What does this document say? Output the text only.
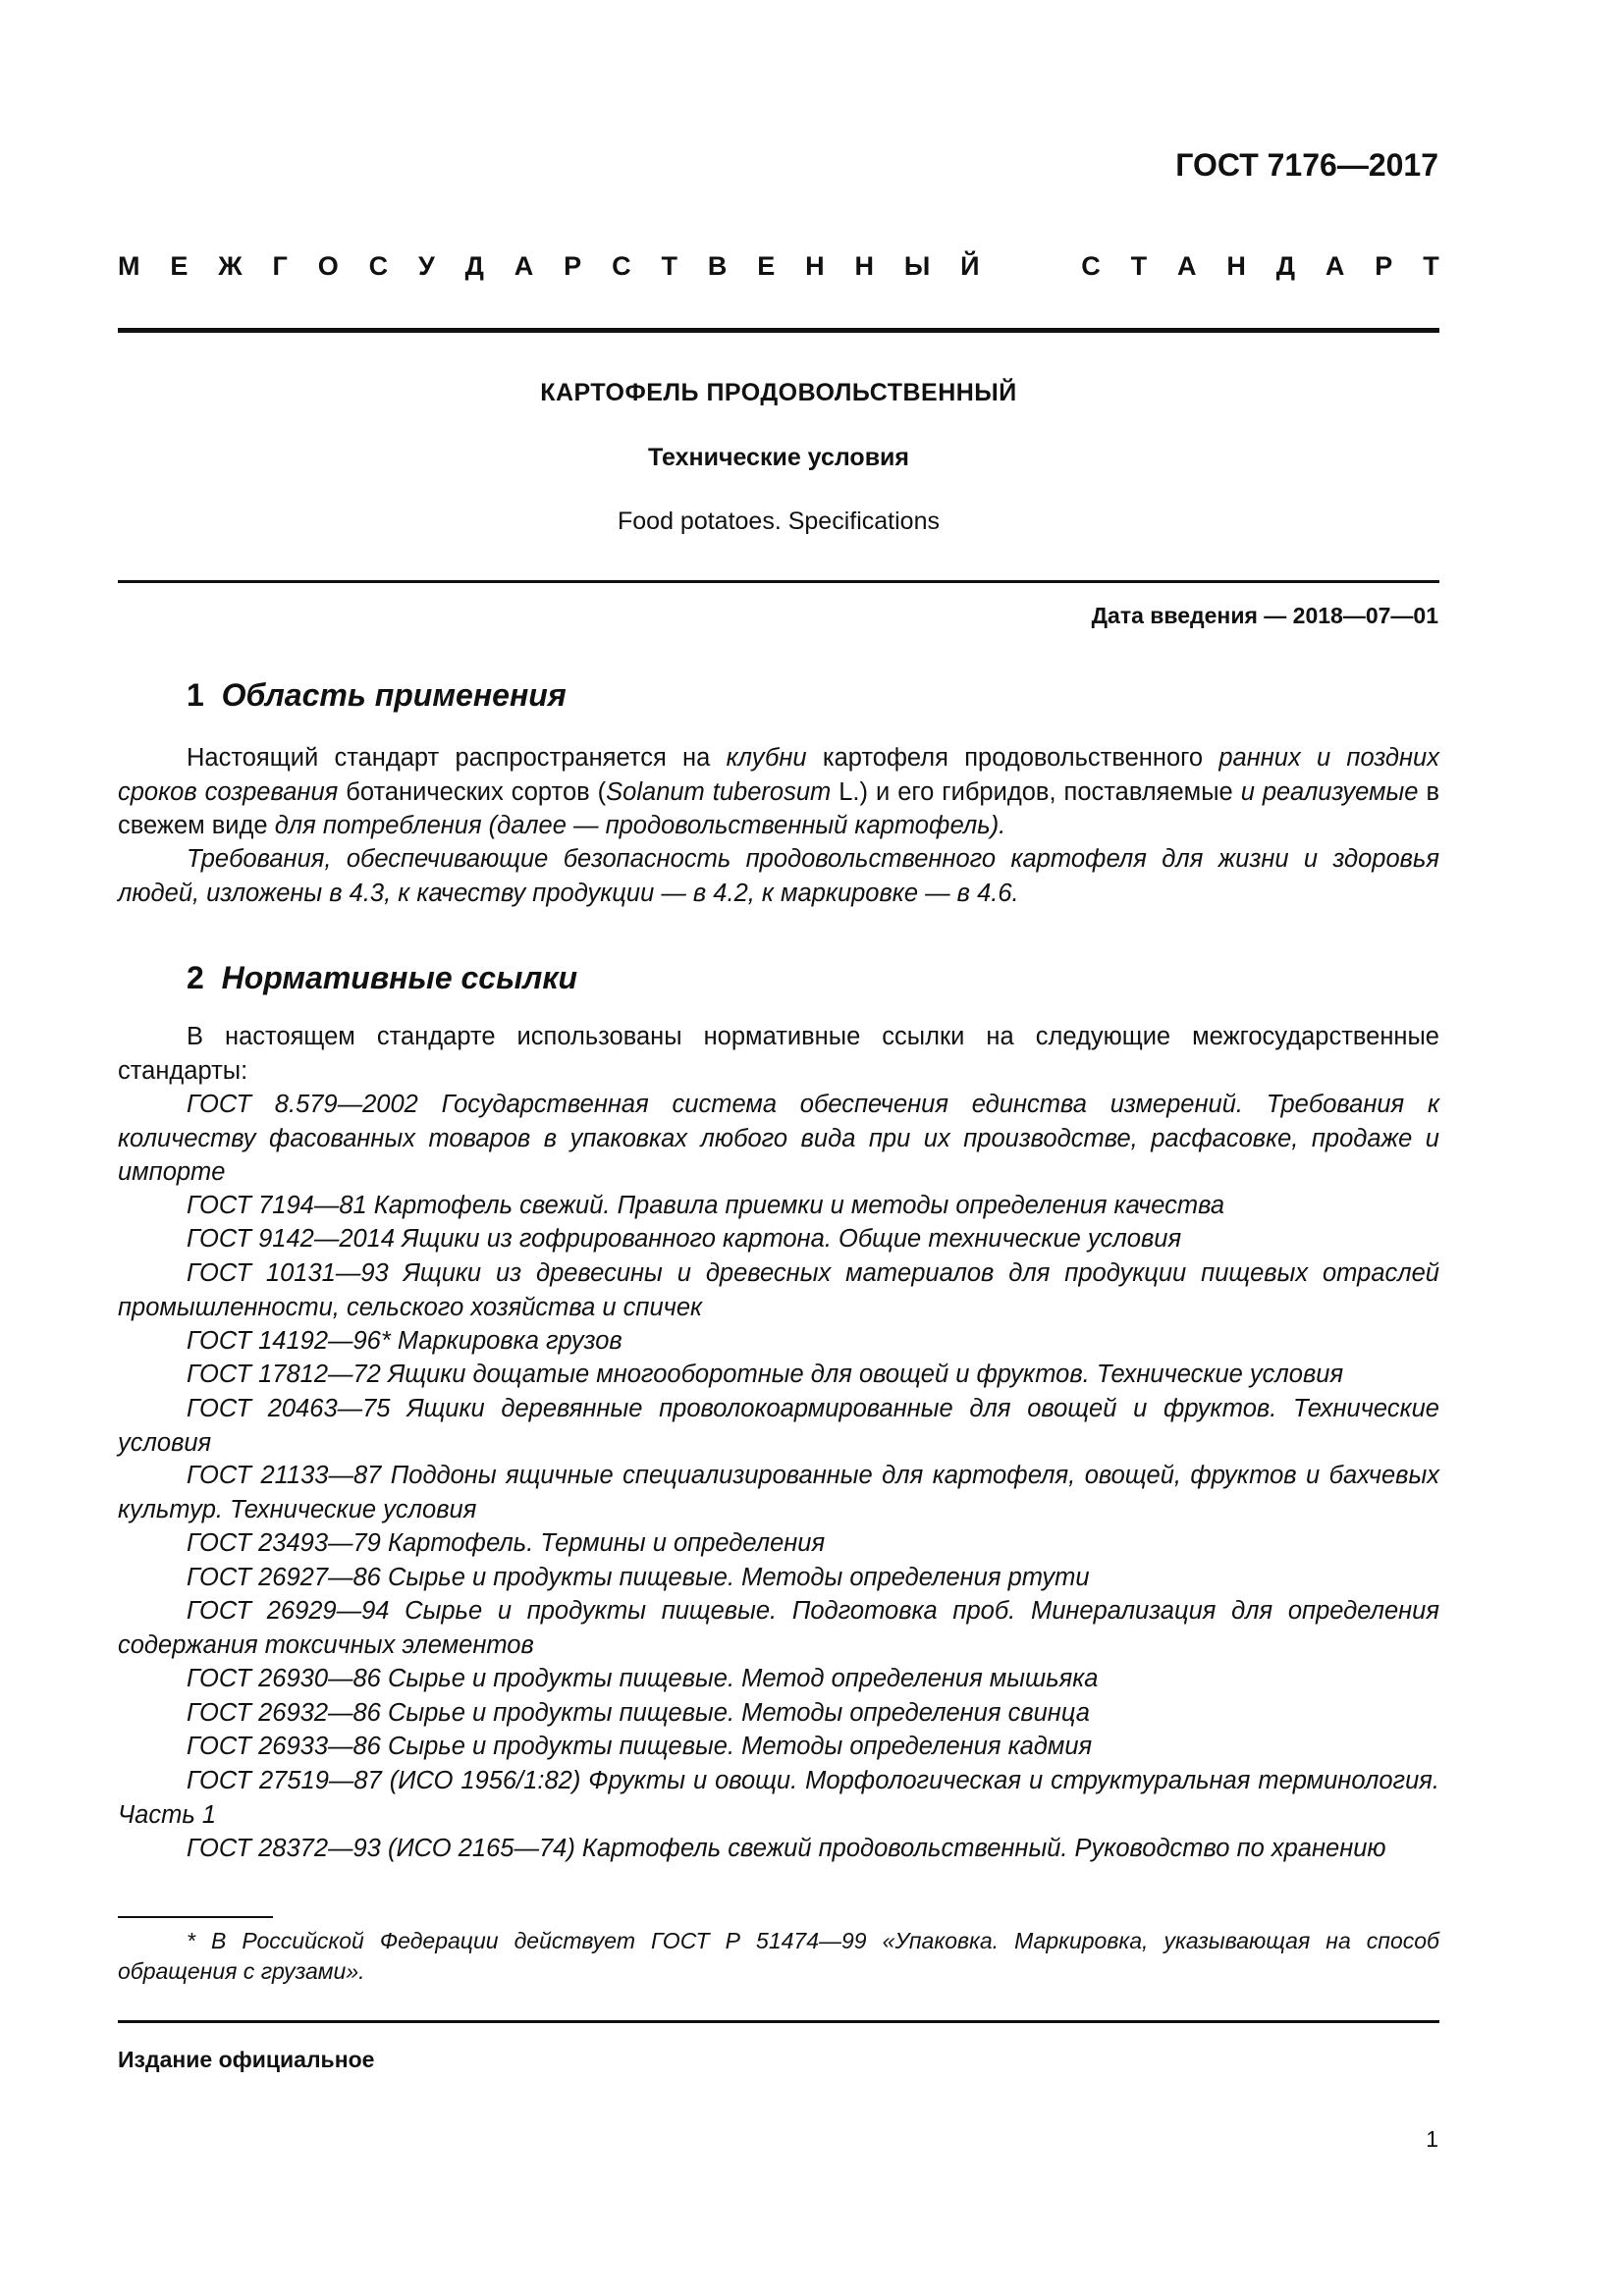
ГОСТ 7176—2017
М Е Ж Г О С У Д А Р С Т В Е Н Н Ы Й	С Т А Н Д А Р Т
КАРТОФЕЛЬ ПРОДОВОЛЬСТВЕННЫЙ
Технические условия
Food potatoes. Specifications
Дата введения — 2018—07—01
1 Область применения

Настоящий стандарт распространяется на клубни картофеля продовольственного ранних и поздних сроков созревания ботанических сортов (Solanum tuberosum L.) и его гибридов, поставляемые и реализуемые в свежем виде для потребления (далее — продовольственный картофель).

Требования, обеспечивающие безопасность продовольственного картофеля для жизни и здоровья людей, изложены в 4.3, к качеству продукции — в 4.2, к маркировке — в 4.6.

2 Нормативные ссылки

В настоящем стандарте использованы нормативные ссылки на следующие межгосударственные стандарты:

ГОСТ 8.579—2002 Государственная система обеспечения единства измерений. Требования к количеству фасованных товаров в упаковках любого вида при их производстве, расфасовке, продаже и импорте

ГОСТ 7194—81 Картофель свежий. Правила приемки и методы определения качества

ГОСТ 9142—2014 Ящики из гофрированного картона. Общие технические условия

ГОСТ 10131—93 Ящики из древесины и древесных материалов для продукции пищевых отраслей промышленности, сельского хозяйства и спичек

ГОСТ 14192—96* Маркировка грузов

ГОСТ 17812—72 Ящики дощатые многооборотные для овощей и фруктов. Технические условия

ГОСТ 20463—75 Ящики деревянные проволокоармированные для овощей и фруктов. Технические условия

ГОСТ 21133—87 Поддоны ящичные специализированные для картофеля, овощей, фруктов и бахчевых культур. Технические условия

ГОСТ 23493—79 Картофель. Термины и определения

ГОСТ 26927—86 Сырье и продукты пищевые. Методы определения ртути

ГОСТ 26929—94 Сырье и продукты пищевые. Подготовка проб. Минерализация для определения содержания токсичных элементов

ГОСТ 26930—86 Сырье и продукты пищевые. Метод определения мышьяка

ГОСТ 26932—86 Сырье и продукты пищевые. Методы определения свинца

ГОСТ 26933—86 Сырье и продукты пищевые. Методы определения кадмия

ГОСТ 27519—87 (ИСО 1956/1:82) Фрукты и овощи. Морфологическая и структуральная терминология. Часть 1

ГОСТ 28372—93 (ИСО 2165—74) Картофель свежий продовольственный. Руководство по хранению

* В Российской Федерации действует ГОСТ Р 51474—99 «Упаковка. Маркировка, указывающая на способ обращения с грузами».

Издание официальное
1
